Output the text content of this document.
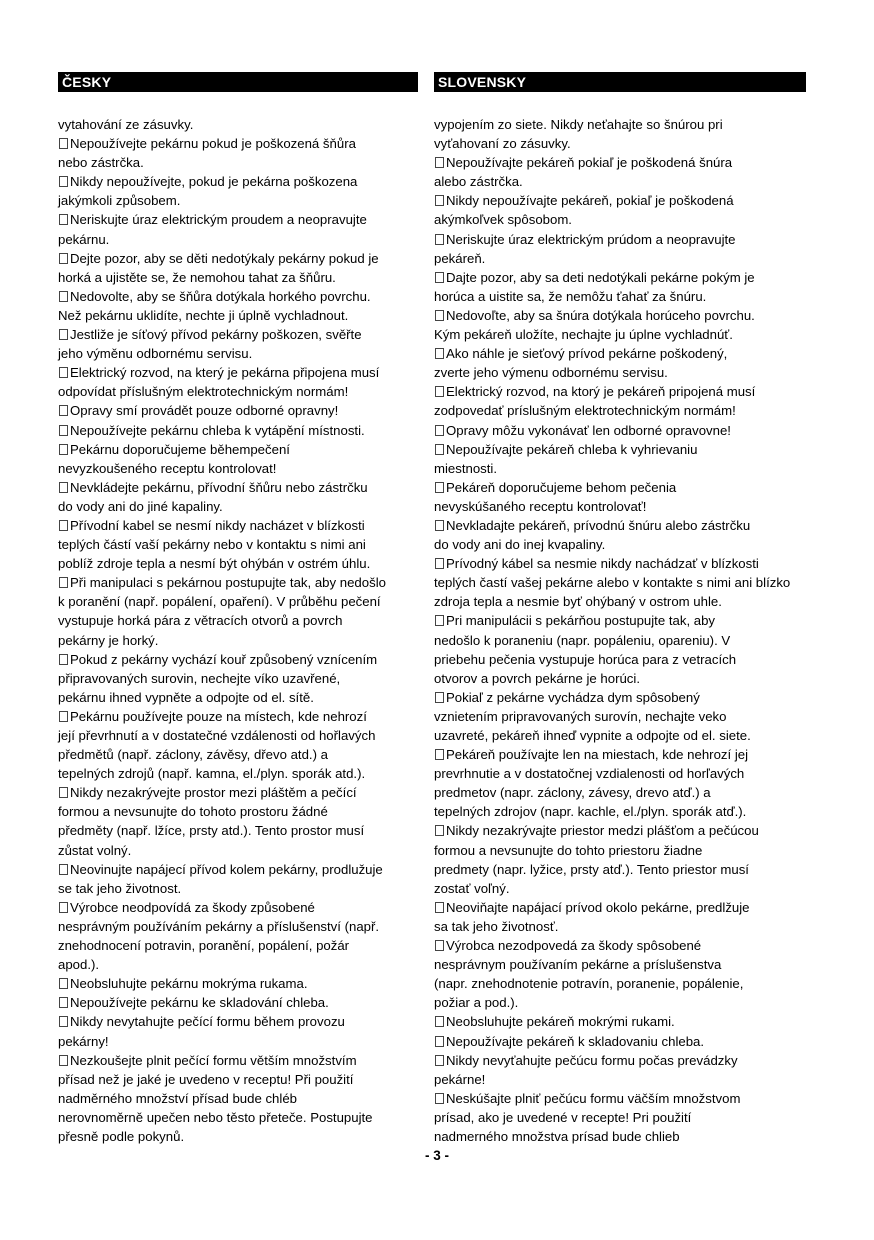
ČESKY
vytahování ze zásuvky.
Nepoužívejte pekárnu pokud je poškozená šňůra
nebo zástrčka.
Nikdy nepoužívejte, pokud je pekárna poškozena
jakýmkoli způsobem.
Neriskujte úraz elektrickým proudem a neopravujte
pekárnu.
Dejte pozor, aby se děti nedotýkaly pekárny pokud je
horká a ujistěte se, že nemohou tahat za šňůru.
Nedovolte, aby se šňůra dotýkala horkého povrchu.
Než pekárnu uklidíte, nechte ji úplně vychladnout.
Jestliže je síťový přívod pekárny poškozen, svěřte
jeho výměnu odbornému servisu.
Elektrický rozvod, na který je pekárna připojena musí
odpovídat příslušným elektrotechnickým normám!
Opravy smí provádět pouze odborné opravny!
Nepoužívejte pekárnu chleba k vytápění místnosti.
Pekárnu doporučujeme běhempečení
nevyzkoušeného receptu kontrolovat!
Nevkládejte pekárnu, přívodní šňůru nebo zástrčku
do vody ani do jiné kapaliny.
Přívodní kabel se nesmí nikdy nacházet v blízkosti
teplých částí vaší pekárny nebo v kontaktu s nimi ani
poblíž zdroje tepla a nesmí být ohýbán v ostrém úhlu.
Při manipulaci s pekárnou postupujte tak, aby nedošlo
k poranění (např. popálení, opaření). V průběhu pečení
vystupuje horká pára z větracích otvorů a povrch
pekárny je horký.
Pokud z pekárny vychází kouř způsobený vznícením
připravovaných surovin, nechejte víko uzavřené,
pekárnu ihned vypněte a odpojte od el. sítě.
Pekárnu používejte pouze na místech, kde nehrozí
její převrhnutí a v dostatečné vzdálenosti od hořlavých
předmětů (např. záclony, závěsy, dřevo atd.) a
tepelných zdrojů (např. kamna, el./plyn. sporák atd.).
Nikdy nezakrývejte prostor mezi pláštěm a pečící
formou a nevsunujte do tohoto prostoru žádné
předměty (např. lžíce, prsty atd.). Tento prostor musí
zůstat volný.
Neovinujte napájecí přívod kolem pekárny, prodlužuje
se tak jeho životnost.
Výrobce neodpovídá za škody způsobené
nesprávným používáním pekárny a příslušenství (např.
znehodnocení potravin, poranění, popálení, požár
apod.).
Neobsluhujte pekárnu mokrýma rukama.
Nepoužívejte pekárnu ke skladování chleba.
Nikdy nevytahujte pečící formu během provozu
pekárny!
Nezkoušejte plnit pečící formu větším množstvím
přísad než je jaké je uvedeno v receptu! Při použití
nadměrného množství přísad bude chléb
nerovnoměrně upečen nebo těsto přeteče. Postupujte
přesně podle pokynů.
SLOVENSKY
vypojením zo siete. Nikdy neťahajte so šnúrou pri
vyťahovaní zo zásuvky.
Nepoužívajte pekáreň pokiaľ je poškodená šnúra
alebo zástrčka.
Nikdy nepoužívajte pekáreň, pokiaľ je poškodená
akýmkoľvek spôsobom.
Neriskujte úraz elektrickým prúdom a neopravujte
pekáreň.
Dajte pozor, aby sa deti nedotýkali pekárne pokým je
horúca a uistite sa, že nemôžu ťahať za šnúru.
Nedovoľte, aby sa šnúra dotýkala horúceho povrchu.
Kým pekáreň uložíte, nechajte ju úplne vychladnúť.
Ako náhle je sieťový prívod pekárne poškodený,
zverte jeho výmenu odbornému servisu.
Elektrický rozvod, na ktorý je pekáreň pripojená musí
zodpovedať príslušným elektrotechnickým normám!
Opravy môžu vykonávať len odborné opravovne!
Nepoužívajte pekáreň chleba k vyhrievaniu
miestnosti.
Pekáreň doporučujeme behom pečenia
nevyskúšaného receptu kontrolovať!
Nevkladajte pekáreň, prívodnú šnúru alebo zástrčku
do vody ani do inej kvapaliny.
Prívodný kábel sa nesmie nikdy nachádzať v blízkosti
teplých častí vašej pekárne alebo v kontakte s nimi ani blízko
zdroja tepla a nesmie byť ohýbaný v ostrom uhle.
Pri manipulácii s pekárňou postupujte tak, aby
nedošlo k poraneniu (napr. popáleniu, opareniu). V
priebehu pečenia vystupuje horúca para z vetracích
otvorov a povrch pekárne je horúci.
Pokiaľ z pekárne vychádza dym spôsobený
vznietením pripravovaných surovín, nechajte veko
uzavreté, pekáreň ihneď vypnite a odpojte od el. siete.
Pekáreň používajte len na miestach, kde nehrozí jej
prevrhnutie a v dostatočnej vzdialenosti od horľavých
predmetov (napr. záclony, závesy, drevo atď.) a
tepelných zdrojov (napr. kachle, el./plyn. sporák atď.).
Nikdy nezakrývajte priestor medzi plášťom a pečúcou
formou a nevsunujte do tohto priestoru žiadne
predmety (napr. lyžice, prsty atď.). Tento priestor musí
zostať voľný.
Neoviňajte napájací prívod okolo pekárne, predlžuje
sa tak jeho životnosť.
Výrobca nezodpovedá za škody spôsobené
nesprávnym používaním pekárne a príslušenstva
(napr. znehodnotenie potravín, poranenie, popálenie,
požiar a pod.).
Neobsluhujte pekáreň mokrými rukami.
Nepoužívajte pekáreň k skladovaniu chleba.
Nikdy nevyťahujte pečúcu formu počas prevádzky
pekárne!
Neskúšajte plniť pečúcu formu väčším množstvom
prísad, ako je uvedené v recepte! Pri použití
nadmerného množstva prísad bude chlieb
- 3 -
